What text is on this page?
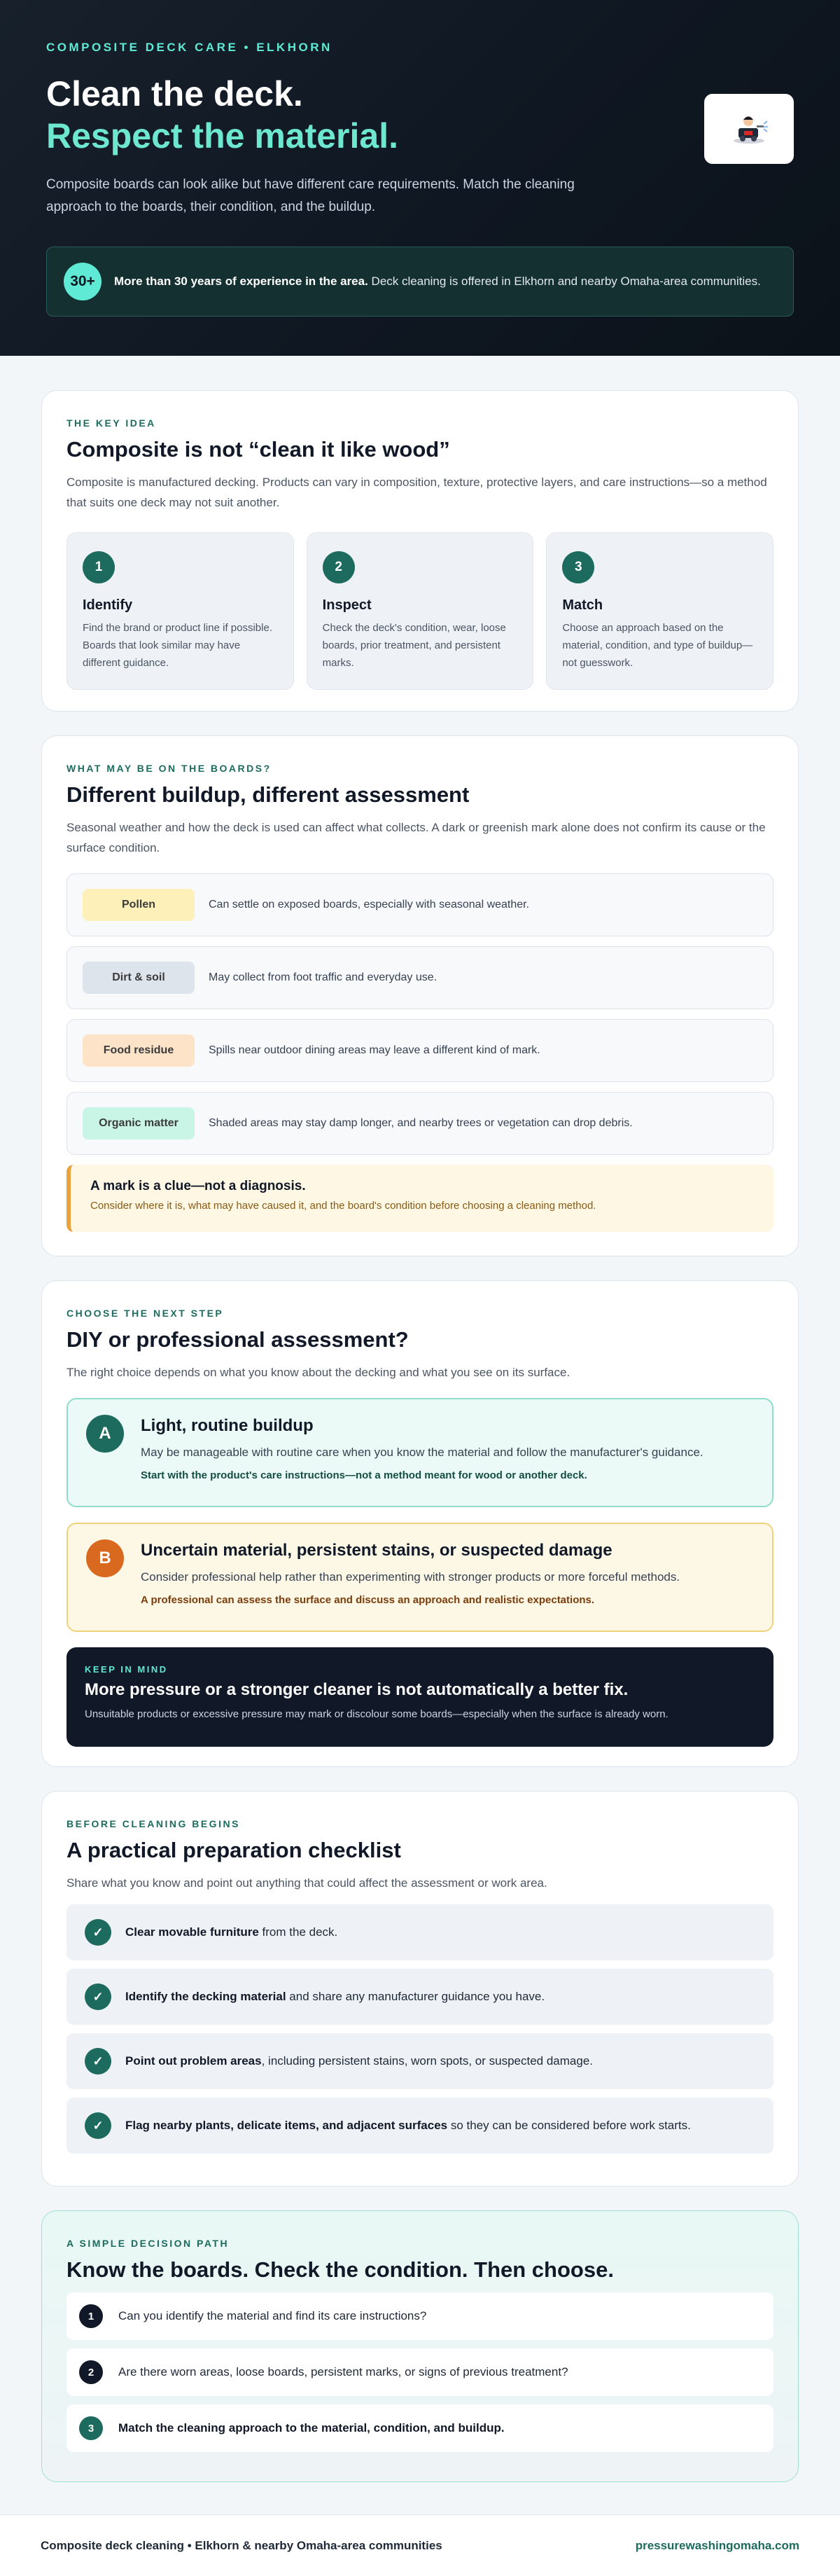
COMPOSITE DECK CARE • ELKHORN
Clean the deck.
Respect the material.

Composite boards can look alike but have different care requirements. Match the cleaning approach to the boards, their condition, and the buildup.

30+	More than 30 years of experience in the area. Deck cleaning is offered in Elkhorn and nearby Omaha-area communities.
THE KEY IDEA
Composite is not “clean it like wood”

Composite is manufactured decking. Products can vary in composition, texture, protective layers, and care instructions—so a method that suits one deck may not suit another.

1
Identify

Find the brand or product line if possible. Boards that look similar may have different guidance.

2
Inspect

Check the deck's condition, wear, loose boards, prior treatment, and persistent marks.

3
Match

Choose an approach based on the material, condition, and type of buildup—not guesswork.

WHAT MAY BE ON THE BOARDS?
Different buildup, different assessment

Seasonal weather and how the deck is used can affect what collects. A dark or greenish mark alone does not confirm its cause or the surface condition.

Pollen	Can settle on exposed boards, especially with seasonal weather.
Dirt & soil	May collect from foot traffic and everyday use.
Food residue	Spills near outdoor dining areas may leave a different kind of mark.
Organic matter	Shaded areas may stay damp longer, and nearby trees or vegetation can drop debris.
A mark is a clue—not a diagnosis.

Consider where it is, what may have caused it, and the board's condition before choosing a cleaning method.

CHOOSE THE NEXT STEP
DIY or professional assessment?

The right choice depends on what you know about the decking and what you see on its surface.

A	Light, routine buildup

May be manageable with routine care when you know the material and follow the manufacturer's guidance.

Start with the product's care instructions—not a method meant for wood or another deck.

B	Uncertain material, persistent stains, or suspected damage

Consider professional help rather than experimenting with stronger products or more forceful methods.

A professional can assess the surface and discuss an approach and realistic expectations.

KEEP IN MIND
More pressure or a stronger cleaner is not automatically a better fix.

Unsuitable products or excessive pressure may mark or discolour some boards—especially when the surface is already worn.

BEFORE CLEANING BEGINS
A practical preparation checklist

Share what you know and point out anything that could affect the assessment or work area.

✓	Clear movable furniture from the deck.
✓	Identify the decking material and share any manufacturer guidance you have.
✓	Point out problem areas, including persistent stains, worn spots, or suspected damage.
✓	Flag nearby plants, delicate items, and adjacent surfaces so they can be considered before work starts.
A SIMPLE DECISION PATH
Know the boards. Check the condition. Then choose.
1	Can you identify the material and find its care instructions?
2	Are there worn areas, loose boards, persistent marks, or signs of previous treatment?
3	Match the cleaning approach to the material, condition, and buildup.
Composite deck cleaning • Elkhorn & nearby Omaha-area communities	pressurewashingomaha.com
